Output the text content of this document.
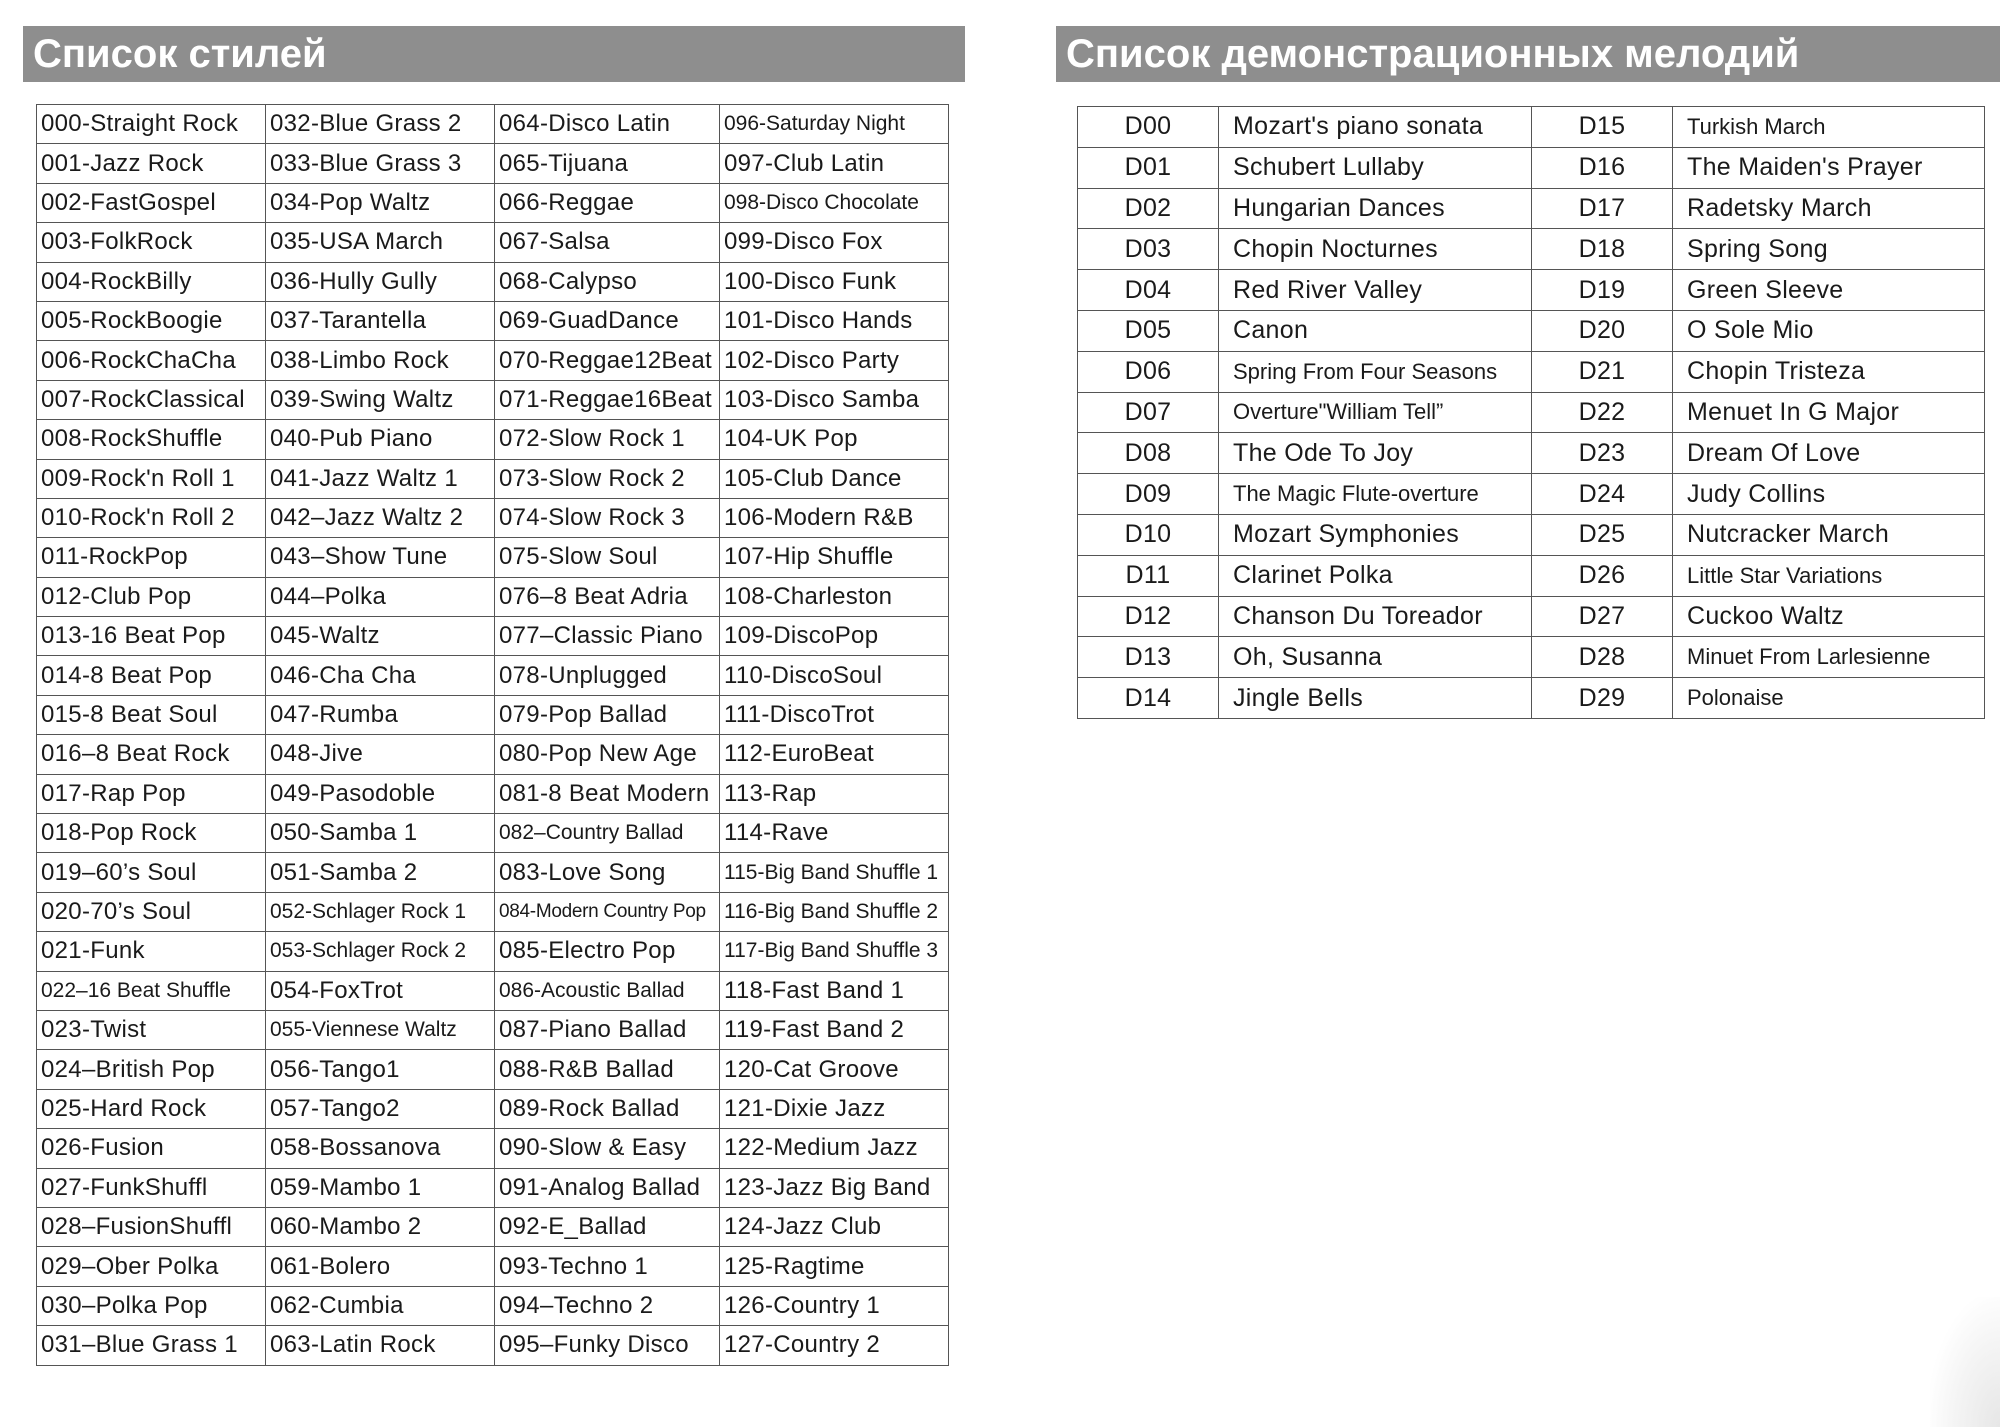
Список стилей
000-Straight Rock	032-Blue Grass 2	064-Disco Latin	096-Saturday Night
001-Jazz Rock	033-Blue Grass 3	065-Tijuana	097-Club Latin
002-FastGospel	034-Pop Waltz	066-Reggae	098-Disco Chocolate
003-FolkRock	035-USA March	067-Salsa	099-Disco Fox
004-RockBilly	036-Hully Gully	068-Calypso	100-Disco Funk
005-RockBoogie	037-Tarantella	069-GuadDance	101-Disco Hands
006-RockChaCha	038-Limbo Rock	070-Reggae12Beat	102-Disco Party
007-RockClassical	039-Swing Waltz	071-Reggae16Beat	103-Disco Samba
008-RockShuffle	040-Pub Piano	072-Slow Rock 1	104-UK Pop
009-Rock'n Roll 1	041-Jazz Waltz 1	073-Slow Rock 2	105-Club Dance
010-Rock'n Roll 2	042–Jazz Waltz 2	074-Slow Rock 3	106-Modern R&B
011-RockPop	043–Show Tune	075-Slow Soul	107-Hip Shuffle
012-Club Pop	044–Polka	076–8 Beat Adria	108-Charleston
013-16 Beat Pop	045-Waltz	077–Classic Piano	109-DiscoPop
014-8 Beat Pop	046-Cha Cha	078-Unplugged	110-DiscoSoul
015-8 Beat Soul	047-Rumba	079-Pop Ballad	111-DiscoTrot
016–8 Beat Rock	048-Jive	080-Pop New Age	112-EuroBeat
017-Rap Pop	049-Pasodoble	081-8 Beat Modern	113-Rap
018-Pop Rock	050-Samba 1	082–Country Ballad	114-Rave
019–60’s Soul	051-Samba 2	083-Love Song	115-Big Band Shuffle 1
020-70’s Soul	052-Schlager Rock 1	084-Modern Country Pop	116-Big Band Shuffle 2
021-Funk	053-Schlager Rock 2	085-Electro Pop	117-Big Band Shuffle 3
022–16 Beat Shuffle	054-FoxTrot	086-Acoustic Ballad	118-Fast Band 1
023-Twist	055-Viennese Waltz	087-Piano Ballad	119-Fast Band 2
024–British Pop	056-Tango1	088-R&B Ballad	120-Cat Groove
025-Hard Rock	057-Tango2	089-Rock Ballad	121-Dixie Jazz
026-Fusion	058-Bossanova	090-Slow & Easy	122-Medium Jazz
027-FunkShuffl	059-Mambo 1	091-Analog Ballad	123-Jazz Big Band
028–FusionShuffl	060-Mambo 2	092-E_Ballad	124-Jazz Club
029–Ober Polka	061-Bolero	093-Techno 1	125-Ragtime
030–Polka Pop	062-Cumbia	094–Techno 2	126-Country 1
031–Blue Grass 1	063-Latin Rock	095–Funky Disco	127-Country 2
Список демонстрационных мелодий
D00	Mozart's piano sonata	D15	Turkish March
D01	Schubert Lullaby	D16	The Maiden's Prayer
D02	Hungarian Dances	D17	Radetsky March
D03	Chopin Nocturnes	D18	Spring Song
D04	Red River Valley	D19	Green Sleeve
D05	Canon	D20	O Sole Mio
D06	Spring From Four Seasons	D21	Chopin Tristeza
D07	Overture"William Tell”	D22	Menuet In G Major
D08	The Ode To Joy	D23	Dream Of Love
D09	The Magic Flute-overture	D24	Judy Collins
D10	Mozart Symphonies	D25	Nutcracker March
D11	Clarinet Polka	D26	Little Star Variations
D12	Chanson Du Toreador	D27	Cuckoo Waltz
D13	Oh, Susanna	D28	Minuet From Larlesienne
D14	Jingle Bells	D29	Polonaise
